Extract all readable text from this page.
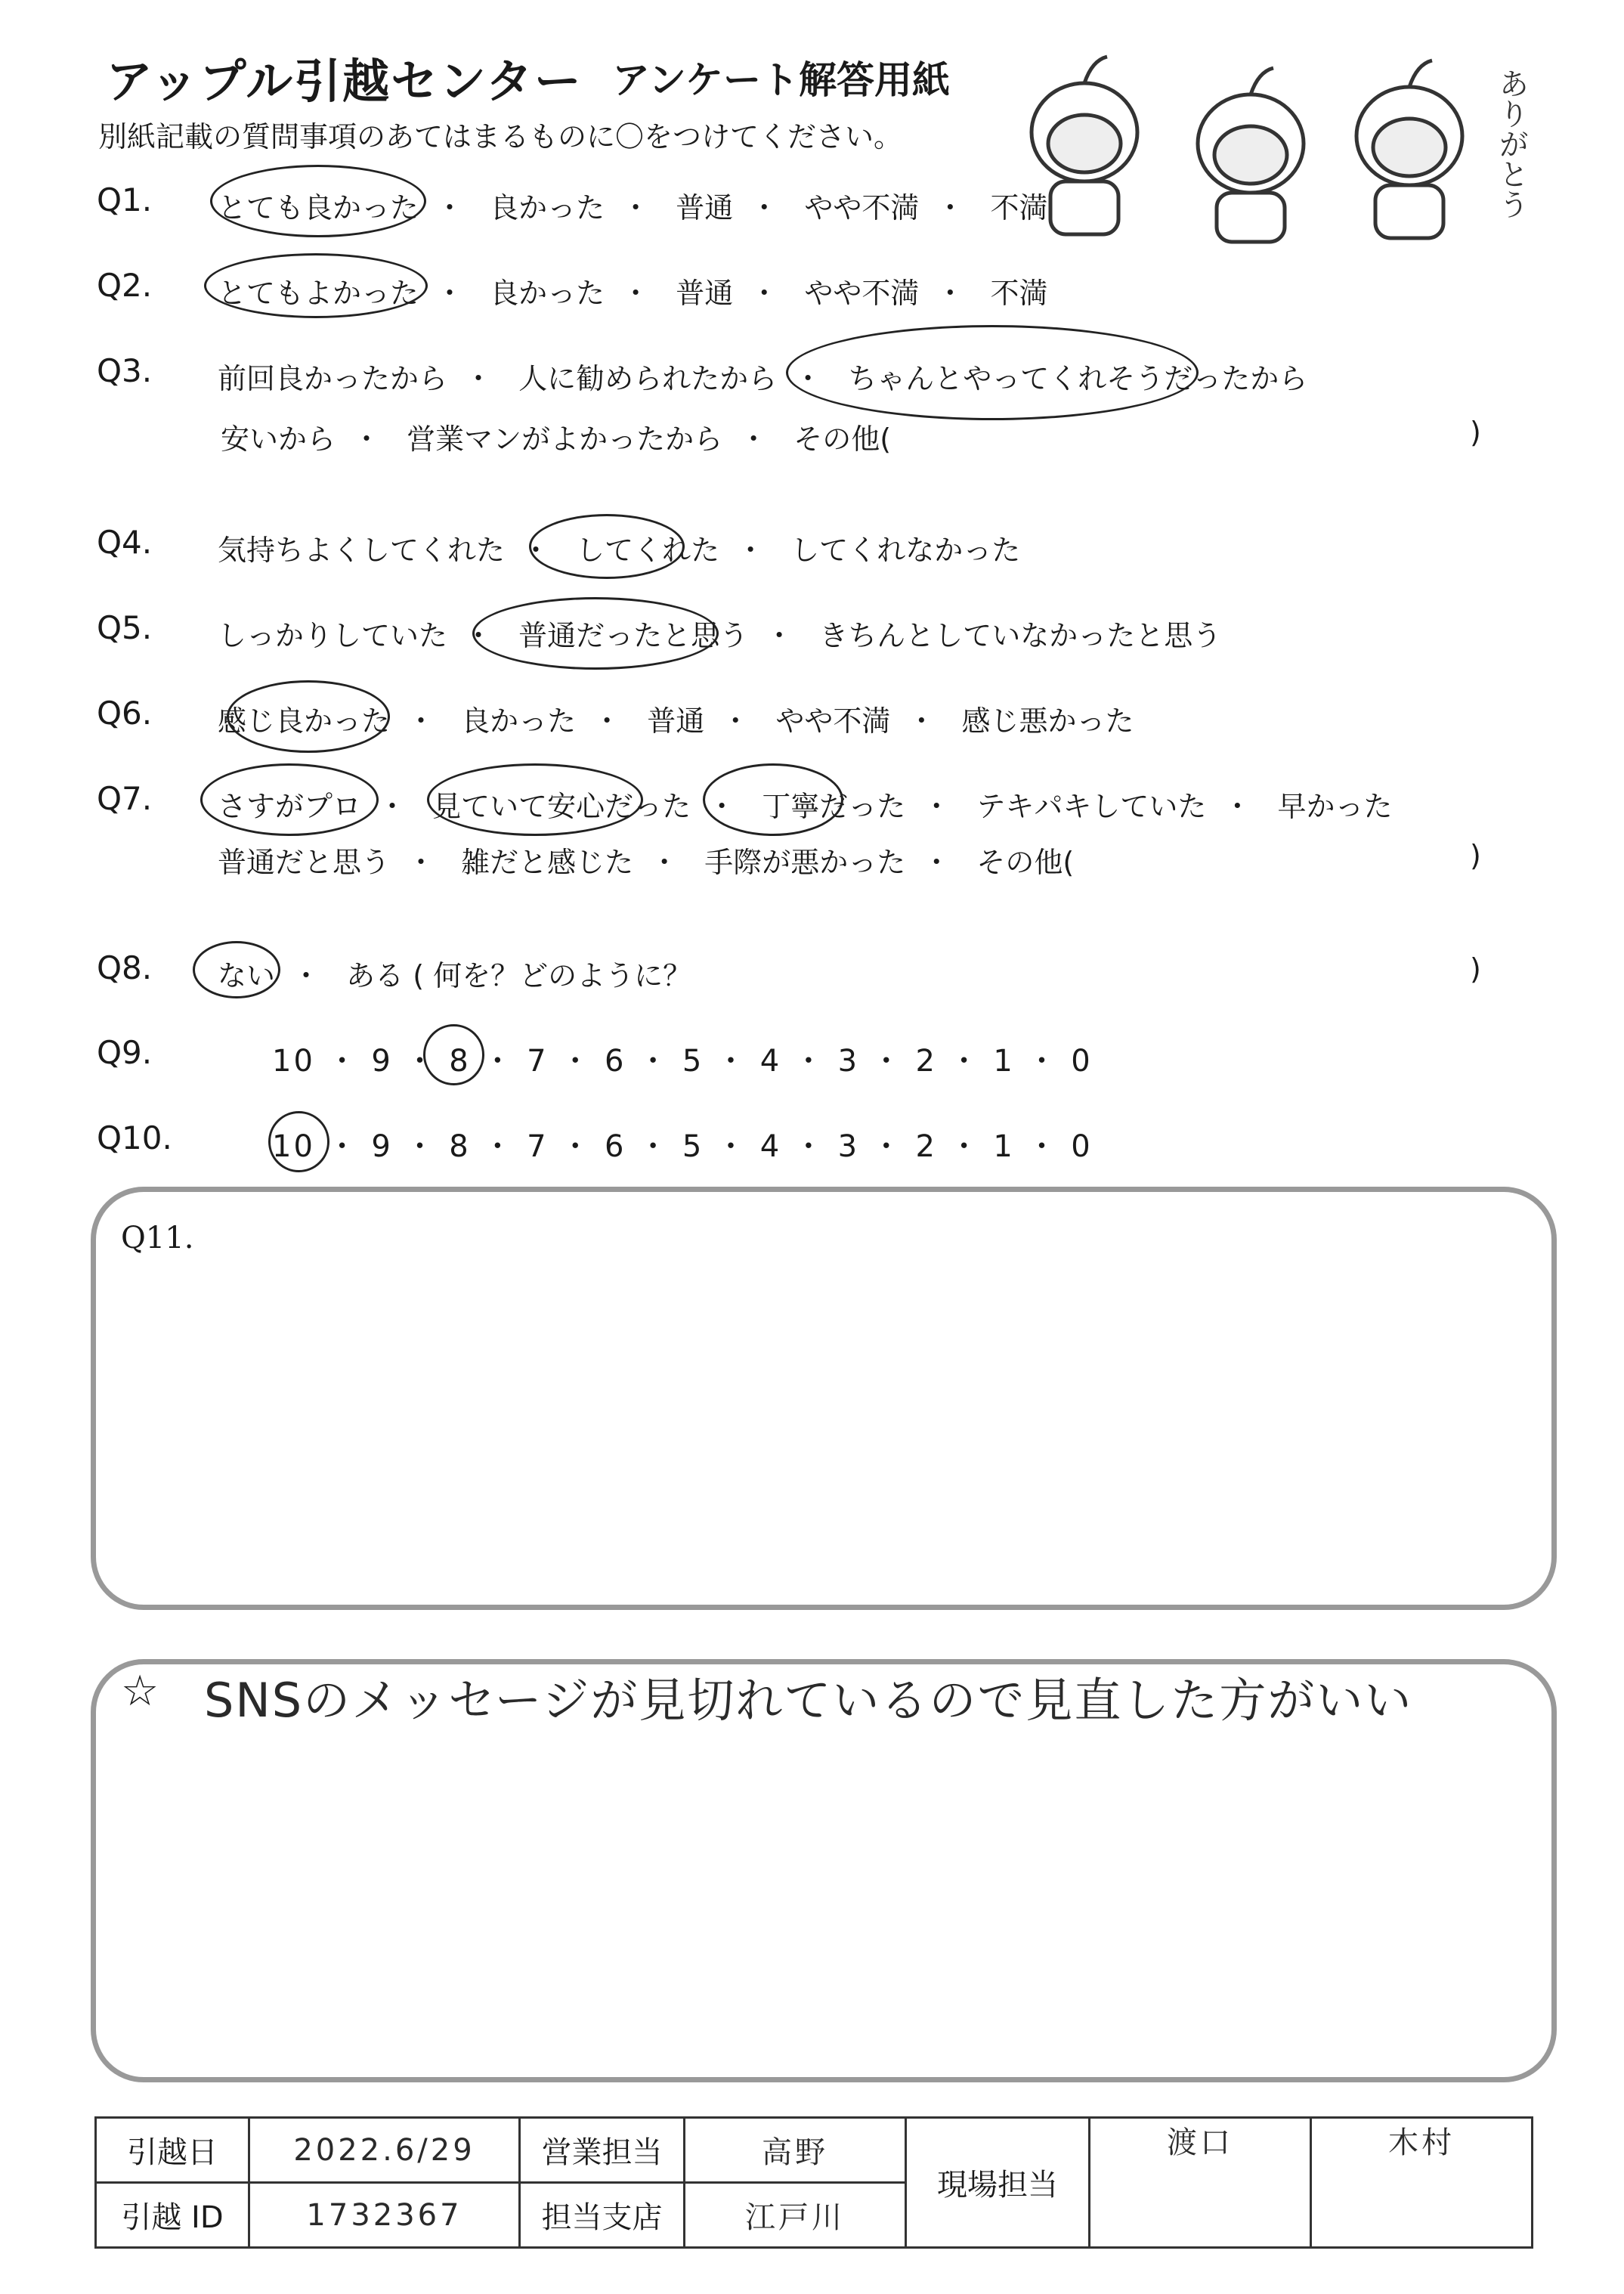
アップル引越センター アンケート解答用紙
別紙記載の質問事項のあてはまるものに〇をつけてください。	ありがとう
Q1. とても良かった ・ 良かった ・ 普通 ・ やや不満 ・ 不満
Q2. とてもよかった ・ 良かった ・ 普通 ・ やや不満 ・ 不満
Q3. 前回良かったから ・ 人に勧められたから ・ ちゃんとやってくれそうだったから
安いから ・ 営業マンがよかったから ・ その他(	)
Q4. 気持ちよくしてくれた ・ してくれた ・ してくれなかった
Q5. しっかりしていた ・ 普通だったと思う ・ きちんとしていなかったと思う
Q6. 感じ良かった ・ 良かった ・ 普通 ・ やや不満 ・ 感じ悪かった
Q7. さすがプロ ・ 見ていて安心だった ・ 丁寧だった ・ テキパキしていた ・ 早かった
普通だと思う ・ 雑だと感じた ・ 手際が悪かった ・ その他(	)
Q8. ない ・ ある ( 何を？どのように？	)
Q9.	10 ・ 9 ・ 8 ・ 7 ・ 6 ・ 5 ・ 4 ・ 3 ・ 2 ・ 1 ・ 0
Q10.	10 ・ 9 ・ 8 ・ 7 ・ 6 ・ 5 ・ 4 ・ 3 ・ 2 ・ 1 ・ 0
Q11.
☆ SNSのメッセージが見切れているので見直した方がいい
引越日	2022.6/29	営業担当	高野	現場担当	渡口	木村
引越 ID	1732367	担当支店	江戸川			
